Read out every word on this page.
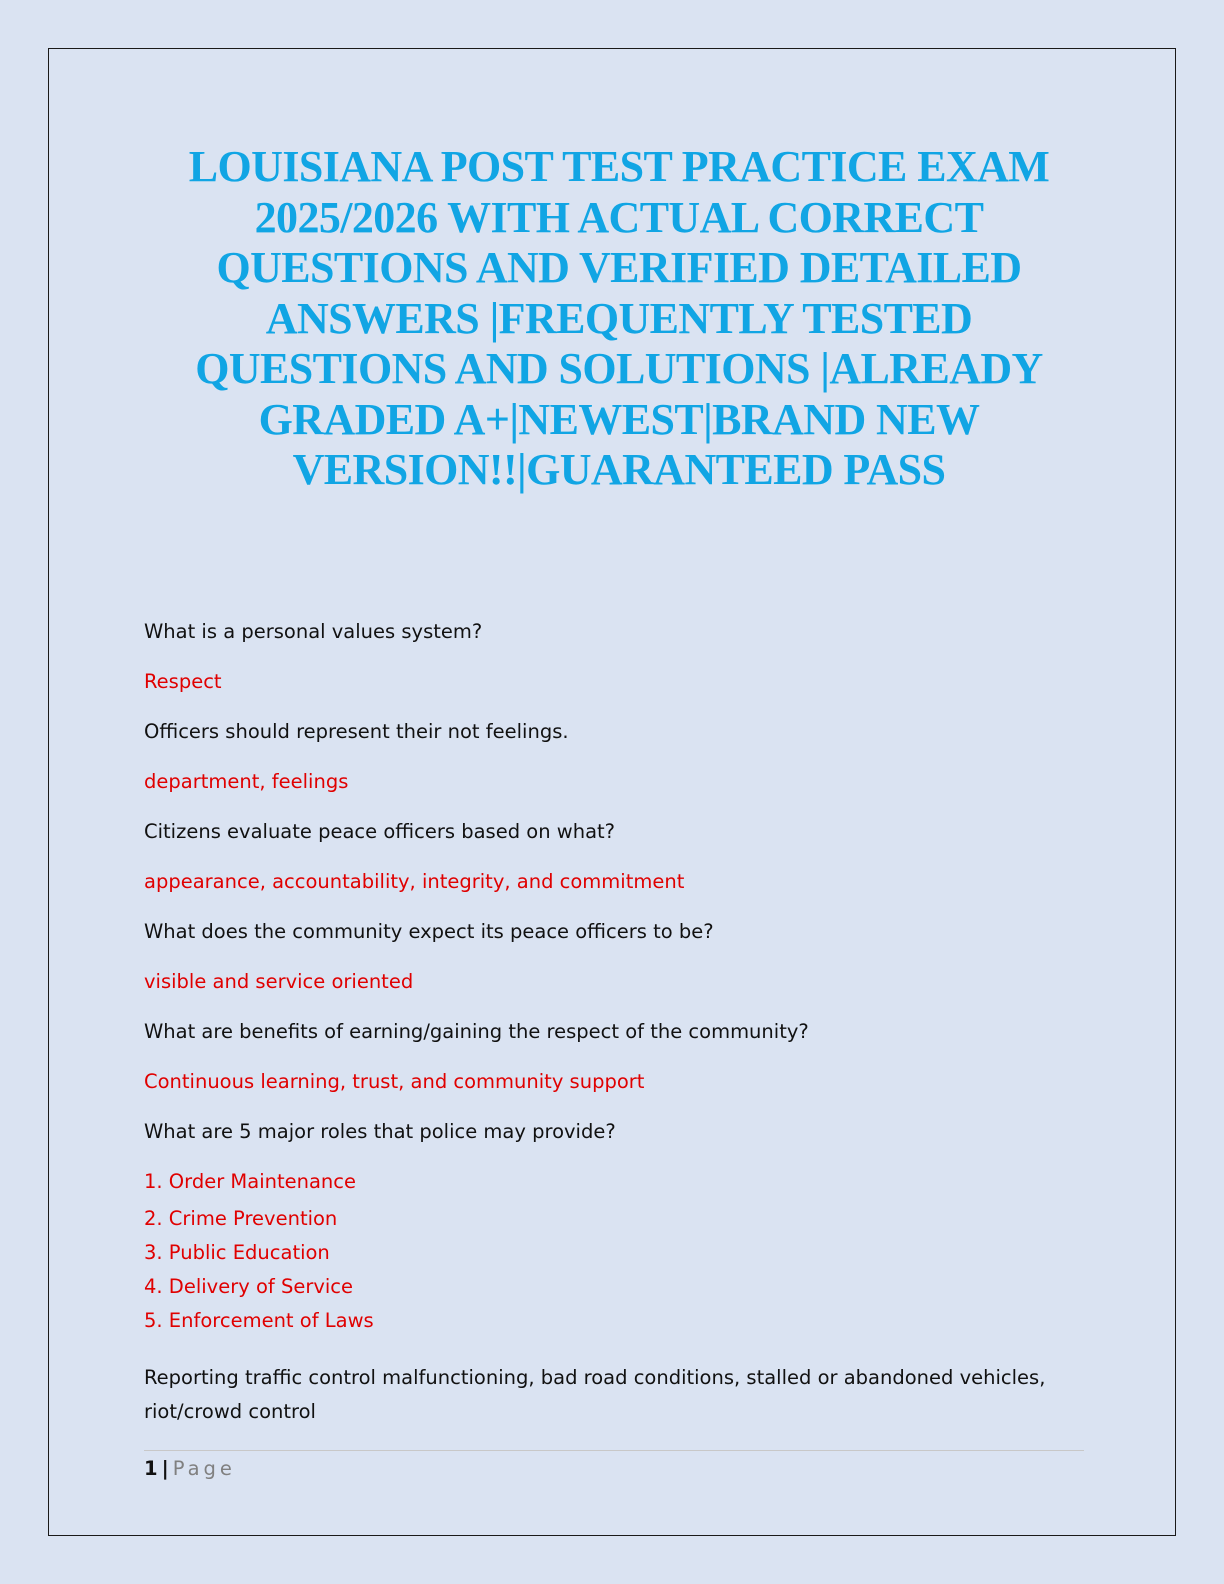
LOUISIANA POST TEST PRACTICE EXAM 2025/2026 WITH ACTUAL CORRECT QUESTIONS AND VERIFIED DETAILED ANSWERS |FREQUENTLY TESTED QUESTIONS AND SOLUTIONS |ALREADY GRADED A+|NEWEST|BRAND NEW VERSION!!|GUARANTEED PASS

What is a personal values system?

Respect

Officers should represent their not feelings.

department, feelings

Citizens evaluate peace officers based on what?

appearance, accountability, integrity, and commitment

What does the community expect its peace officers to be?

visible and service oriented

What are benefits of earning/gaining the respect of the community?

Continuous learning, trust, and community support

What are 5 major roles that police may provide?

1. Order Maintenance

2. Crime Prevention

3. Public Education

4. Delivery of Service

5. Enforcement of Laws

Reporting traffic control malfunctioning, bad road conditions, stalled or abandoned vehicles,
riot/crowd control
1 | Page
